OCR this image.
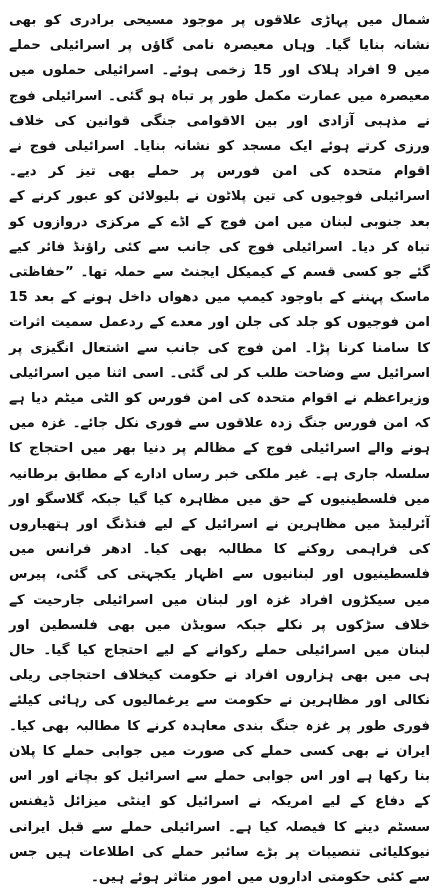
شمال میں پہاڑی علاقوں پر موجود مسیحی برادری کو بھی نشانہ بنایا گیا۔ وہاں معیصرہ نامی گاؤں پر اسرائیلی حملے میں 9 افراد ہلاک اور 15 زخمی ہوئے۔ اسرائیلی حملوں میں معیصرہ میں عمارت مکمل طور پر تباہ ہو گئی۔ اسرائیلی فوج نے مذہبی آزادی اور بین الاقوامی جنگی قوانین کی خلاف ورزی کرتے ہوئے ایک مسجد کو نشانہ بنایا۔ اسرائیلی فوج نے اقوام متحدہ کی امن فورس پر حملے بھی تیز کر دیے۔ اسرائیلی فوجیوں کی تین پلاٹون نے بلیولائن کو عبور کرنے کے بعد جنوبی لبنان میں امن فوج کے اڈے کے مرکزی دروازوں کو تباہ کر دیا۔ اسرائیلی فوج کی جانب سے کئی راؤنڈ فائر کیے گئے جو کسی قسم کے کیمیکل ایجنٹ سے حملہ تھا۔ ”حفاظتی ماسک پہننے کے باوجود کیمپ میں دھواں داخل ہونے کے بعد 15 امن فوجیوں کو جلد کی جلن اور معدے کے ردعمل سمیت اثرات کا سامنا کرنا پڑا۔ امن فوج کی جانب سے اشتعال انگیزی پر اسرائیل سے وضاحت طلب کر لی گئی۔ اسی اثنا میں اسرائیلی وزیراعظم نے اقوام متحدہ کی امن فورس کو الٹی میٹم دیا ہے کہ امن فورس جنگ زدہ علاقوں سے فوری نکل جائے۔ غزہ میں ہونے والے اسرائیلی فوج کے مظالم پر دنیا بھر میں احتجاج کا سلسلہ جاری ہے۔ غیر ملکی خبر رساں ادارے کے مطابق برطانیہ میں فلسطینیوں کے حق میں مظاہرہ کیا گیا جبکہ گلاسگو اور آئرلینڈ میں مظاہرین نے اسرائیل کے لیے فنڈنگ اور ہتھیاروں کی فراہمی روکنے کا مطالبہ بھی کیا۔ ادھر فرانس میں فلسطینیوں اور لبنانیوں سے اظہار یکجہتی کی گئی، پیرس میں سیکڑوں افراد غزہ اور لبنان میں اسرائیلی جارحیت کے خلاف سڑکوں پر نکلے جبکہ سویڈن میں بھی فلسطین اور لبنان میں اسرائیلی حملے رکوانے کے لیے احتجاج کیا گیا۔ حال ہی میں بھی ہزاروں افراد نے حکومت کیخلاف احتجاجی ریلی نکالی اور مظاہرین نے حکومت سے یرغمالیوں کی رہائی کیلئے فوری طور پر غزہ جنگ بندی معاہدہ کرنے کا مطالبہ بھی کیا۔ ایران نے بھی کسی حملے کی صورت میں جوابی حملے کا پلان بنا رکھا ہے اور اس جوابی حملے سے اسرائیل کو بچانے اور اس کے دفاع کے لیے امریکہ نے اسرائیل کو اینٹی میزائل ڈیفنس سسٹم دینے کا فیصلہ کیا ہے۔ اسرائیلی حملے سے قبل ایرانی نیوکلیائی تنصیبات پر بڑے سائبر حملے کی اطلاعات ہیں جس سے کئی حکومتی اداروں میں امور متاثر ہوئے ہیں۔
